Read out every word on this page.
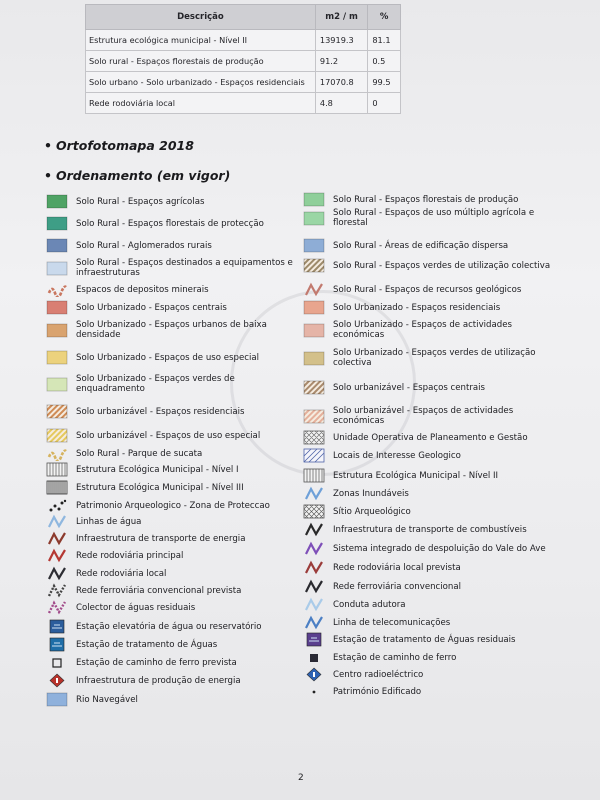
Descrição	m2 / m	%
Estrutura ecológica municipal - Nível II	13919.3	81.1
Solo rural - Espaços florestais de produção	91.2	0.5
Solo urbano - Solo urbanizado - Espaços residenciais	17070.8	99.5
Rede rodoviária local	4.8	0
• Ortofotomapa 2018
• Ordenamento (em vigor)
Solo Rural - Espaços agrícolas
Solo Rural - Espaços florestais de protecção
Solo Rural - Aglomerados rurais
Solo Rural - Espaços destinados a equipamentos e infraestruturas
Espacos de depositos minerais
Solo Urbanizado - Espaços centrais
Solo Urbanizado - Espaços urbanos de baixa densidade
Solo Urbanizado - Espaços de uso especial
Solo Urbanizado - Espaços verdes de enquadramento
Solo urbanizável - Espaços residenciais
Solo urbanizável - Espaços de uso especial
Solo Rural - Parque de sucata
Estrutura Ecológica Municipal - Nível I
Estrutura Ecológica Municipal - Nível III
Patrimonio Arqueologico - Zona de Proteccao
Linhas de água
Infraestrutura de transporte de energia
Rede rodoviária principal
Rede rodoviária local
Rede ferroviária convencional prevista
Colector de águas residuais
Estação elevatória de água ou reservatório
Estação de tratamento de Águas
Estação de caminho de ferro prevista
Infraestrutura de produção de energia
Rio Navegável
Solo Rural - Espaços florestais de produção
Solo Rural - Espaços de uso múltiplo agrícola e florestal
Solo Rural - Áreas de edificação dispersa
Solo Rural - Espaços verdes de utilização colectiva
Solo Rural - Espaços de recursos geológicos
Solo Urbanizado - Espaços residenciais
Solo Urbanizado - Espaços de actividades económicas
Solo Urbanizado - Espaços verdes de utilização colectiva
Solo urbanizável - Espaços centrais
Solo urbanizável - Espaços de actividades económicas
Unidade Operativa de Planeamento e Gestão
Locais de Interesse Geologico
Estrutura Ecológica Municipal - Nível II
Zonas Inundáveis
Sítio Arqueológico
Infraestrutura de transporte de combustíveis
Sistema integrado de despoluição do Vale do Ave
Rede rodoviária local prevista
Rede ferroviária convencional
Conduta adutora
Linha de telecomunicações
Estação de tratamento de Águas residuais
Estação de caminho de ferro
Centro radioeléctrico
Património Edificado
2
